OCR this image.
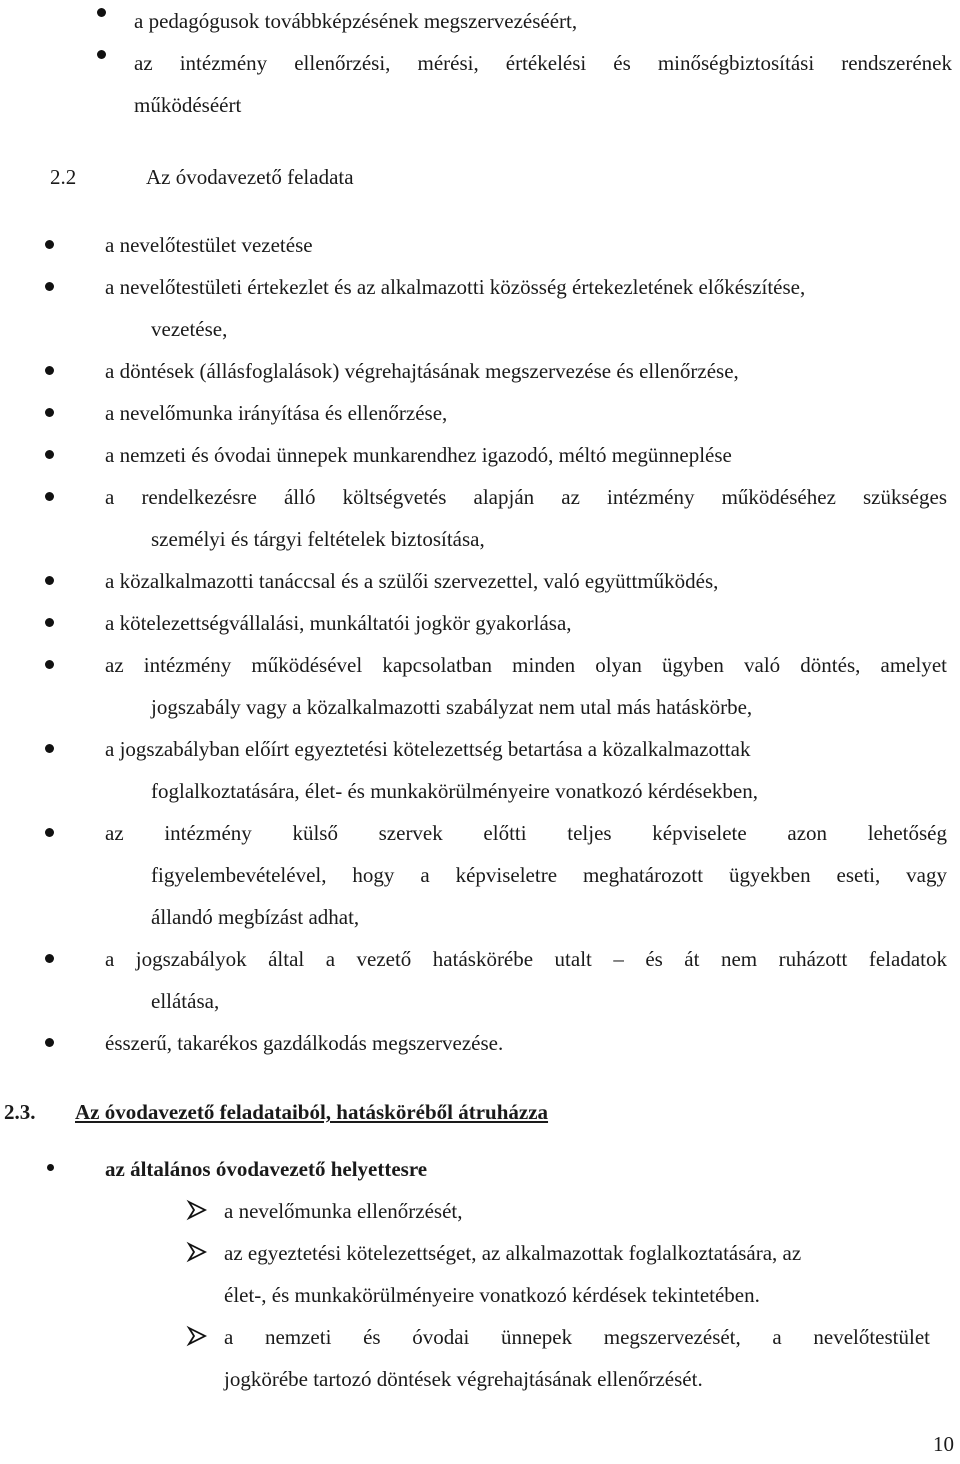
a pedagógusok továbbképzésének megszervezéséért,
az intézmény ellenőrzési, mérési, értékelési és minőségbiztosítási rendszerének
működéséért
2.2	Az óvodavezető feladata
a nevelőtestület vezetése
a nevelőtestületi értekezlet és az alkalmazotti közösség értekezletének előkészítése,
vezetése,
a döntések (állásfoglalások) végrehajtásának megszervezése és ellenőrzése,
a nevelőmunka irányítása és ellenőrzése,
a nemzeti és óvodai ünnepek munkarendhez igazodó, méltó megünneplése
a rendelkezésre álló költségvetés alapján az intézmény működéséhez szükséges
személyi és tárgyi feltételek biztosítása,
a közalkalmazotti tanáccsal és a szülői szervezettel, való együttműködés,
a kötelezettségvállalási, munkáltatói jogkör gyakorlása,
az intézmény működésével kapcsolatban minden olyan ügyben való döntés, amelyet
jogszabály vagy a közalkalmazotti szabályzat nem utal más hatáskörbe,
a jogszabályban előírt egyeztetési kötelezettség betartása a közalkalmazottak
foglalkoztatására, élet- és munkakörülményeire vonatkozó kérdésekben,
az intézmény külső szervek előtti teljes képviselete azon lehetőség
figyelembevételével, hogy a képviseletre meghatározott ügyekben eseti, vagy
állandó megbízást adhat,
a jogszabályok által a vezető hatáskörébe utalt – és át nem ruházott feladatok
ellátása,
ésszerű, takarékos gazdálkodás megszervezése.
2.3. Az óvodavezető feladataiból, hatásköréből átruházza
az általános óvodavezető helyettesre
a nevelőmunka ellenőrzését,
az egyeztetési kötelezettséget, az alkalmazottak foglalkoztatására, az
élet-, és munkakörülményeire vonatkozó kérdések tekintetében.
a nemzeti és óvodai ünnepek megszervezését, a nevelőtestület
jogkörébe tartozó döntések végrehajtásának ellenőrzését.
10
